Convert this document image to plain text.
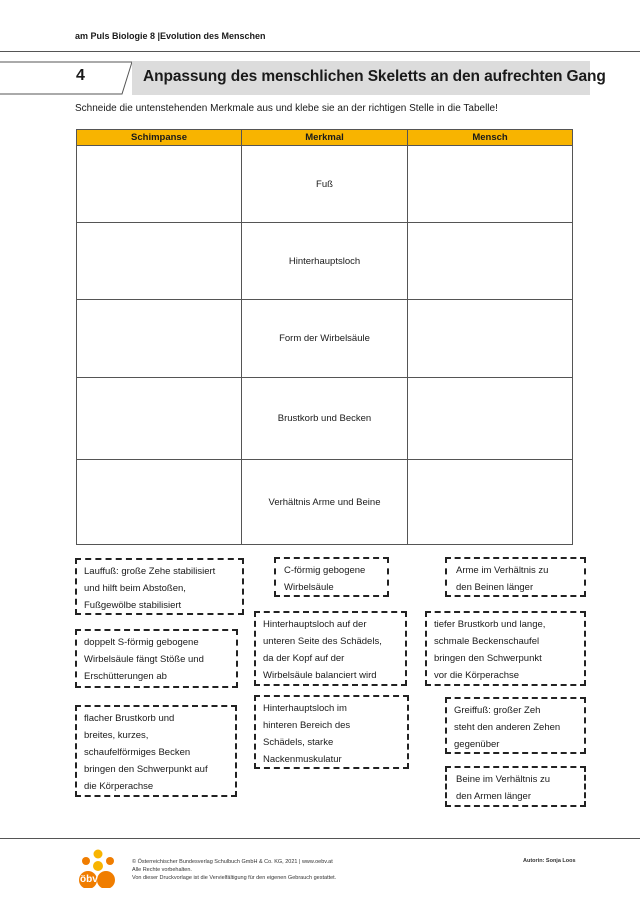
am Puls Biologie 8 |Evolution des Menschen
4	Anpassung des menschlichen Skeletts an den aufrechten Gang
Schneide die untenstehenden Merkmale aus und klebe sie an der richtigen Stelle in die Tabelle!
Schimpanse	Merkmal	Mensch
	Fuß	
	Hinterhauptsloch	
	Form der Wirbelsäule	
	Brustkorb und Becken	
	Verhältnis Arme und Beine	
Lauffuß: große Zehe stabilisiert
und hilft beim Abstoßen,
Fußgewölbe stabilisiert
C-förmig gebogene
Wirbelsäule
Arme im Verhältnis zu
den Beinen länger
Hinterhauptsloch auf der
unteren Seite des Schädels,
da der Kopf auf der
Wirbelsäule balanciert wird
tiefer Brustkorb und lange,
schmale Beckenschaufel
bringen den Schwerpunkt
vor die Körperachse
doppelt S-förmig gebogene
Wirbelsäule fängt Stöße und
Erschütterungen ab
Hinterhauptsloch im
hinteren Bereich des
Schädels, starke
Nackenmuskulatur
Greiffuß: großer Zeh
steht den anderen Zehen
gegenüber
flacher Brustkorb und
breites, kurzes,
schaufelförmiges Becken
bringen den Schwerpunkt auf
die Körperachse
Beine im Verhältnis zu
den Armen länger
öbv
© Österreichischer Bundesverlag Schulbuch GmbH & Co. KG, 2021 | www.oebv.at
Alle Rechte vorbehalten.
Von dieser Druckvorlage ist die Vervielfältigung für den eigenen Gebrauch gestattet.
Autorin: Sonja Loos
